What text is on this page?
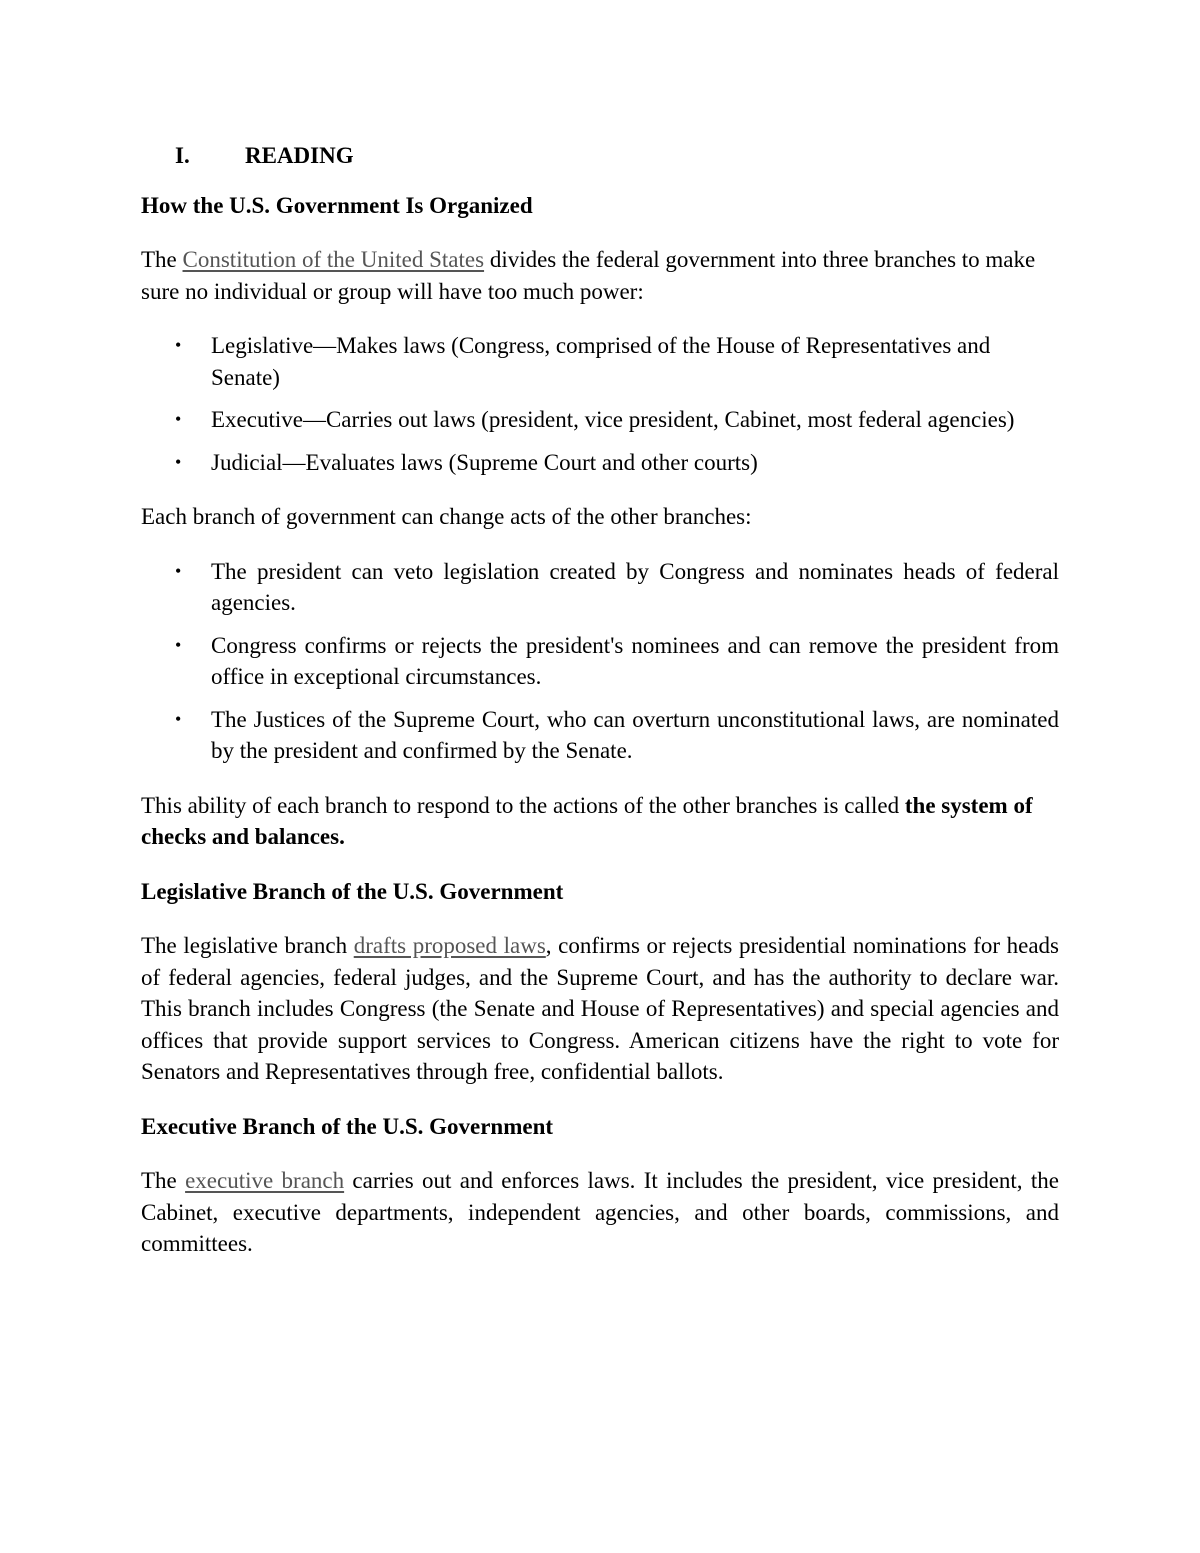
I.	READING
How the U.S. Government Is Organized

The Constitution of the United States divides the federal government into three branches to make sure no individual or group will have too much power:

• Legislative—Makes laws (Congress, comprised of the House of Representatives and Senate)
• Executive—Carries out laws (president, vice president, Cabinet, most federal agencies)
• Judicial—Evaluates laws (Supreme Court and other courts)

Each branch of government can change acts of the other branches:

• The president can veto legislation created by Congress and nominates heads of federal agencies.
• Congress confirms or rejects the president's nominees and can remove the president from office in exceptional circumstances.
• The Justices of the Supreme Court, who can overturn unconstitutional laws, are nominated by the president and confirmed by the Senate.

This ability of each branch to respond to the actions of the other branches is called the system of checks and balances.

Legislative Branch of the U.S. Government

The legislative branch drafts proposed laws, confirms or rejects presidential nominations for heads of federal agencies, federal judges, and the Supreme Court, and has the authority to declare war. This branch includes Congress (the Senate and House of Representatives) and special agencies and offices that provide support services to Congress. American citizens have the right to vote for Senators and Representatives through free, confidential ballots.

Executive Branch of the U.S. Government

The executive branch carries out and enforces laws. It includes the president, vice president, the Cabinet, executive departments, independent agencies, and other boards, commissions, and committees.
